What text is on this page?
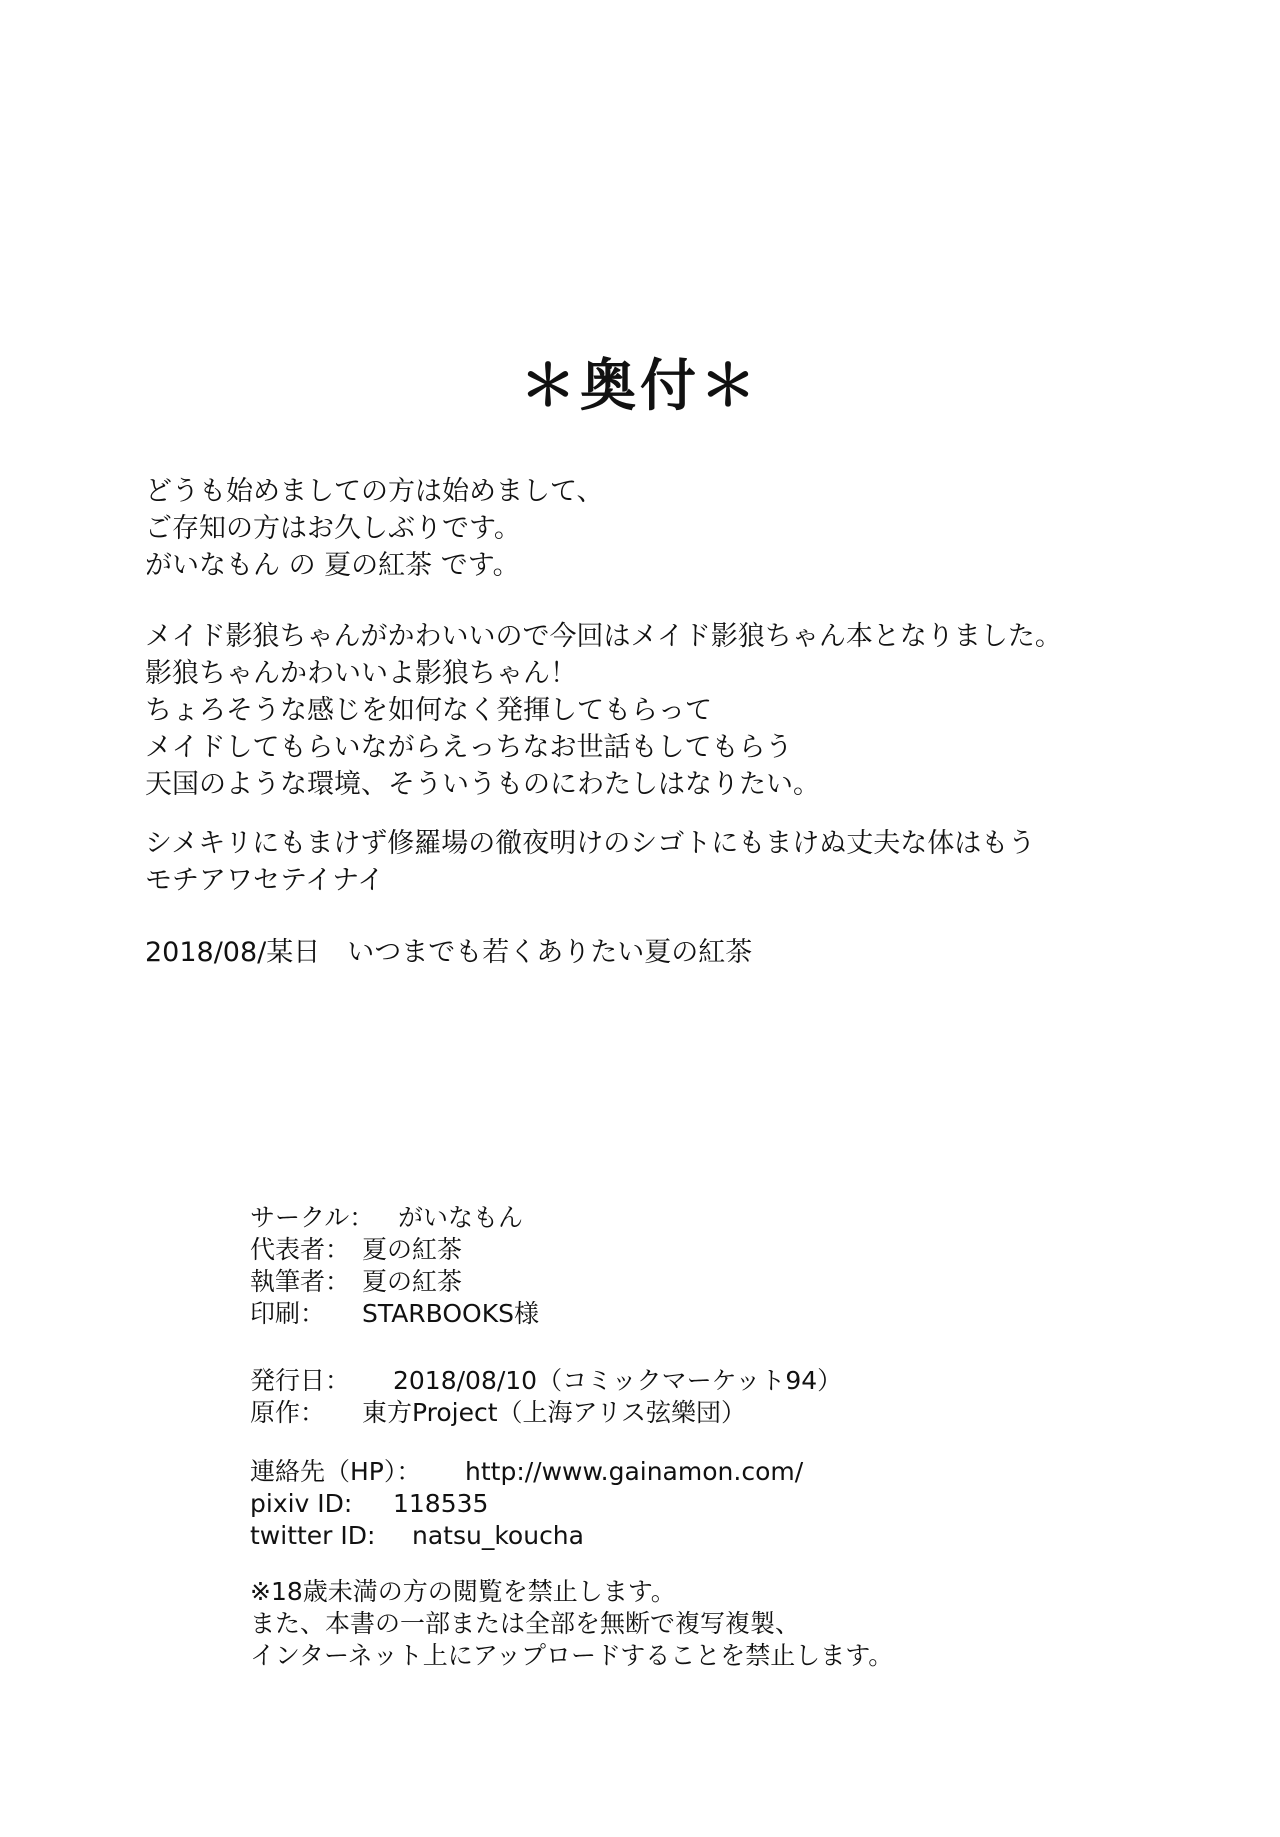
＊奥付＊
どうも始めましての方は始めまして、
ご存知の方はお久しぶりです。
がいなもん の 夏の紅茶 です。
メイド影狼ちゃんがかわいいので今回はメイド影狼ちゃん本となりました。
影狼ちゃんかわいいよ影狼ちゃん！
ちょろそうな感じを如何なく発揮してもらって
メイドしてもらいながらえっちなお世話もしてもらう
天国のような環境、そういうものにわたしはなりたい。
シメキリにもまけず修羅場の徹夜明けのシゴトにもまけぬ丈夫な体はもう
モチアワセテイナイ
2018/08/某日　いつまでも若くありたい夏の紅茶
サークル： がいなもん
代表者： 夏の紅茶
執筆者： 夏の紅茶
印刷： STARBOOKS様
発行日： 2018/08/10（コミックマーケット94）
原作： 東方Project（上海アリス弦樂団）
連絡先（HP）： http://www.gainamon.com/
pixiv ID: 118535
twitter ID: natsu_koucha
※18歳未満の方の閲覧を禁止します。
また、本書の一部または全部を無断で複写複製、
インターネット上にアップロードすることを禁止します。
